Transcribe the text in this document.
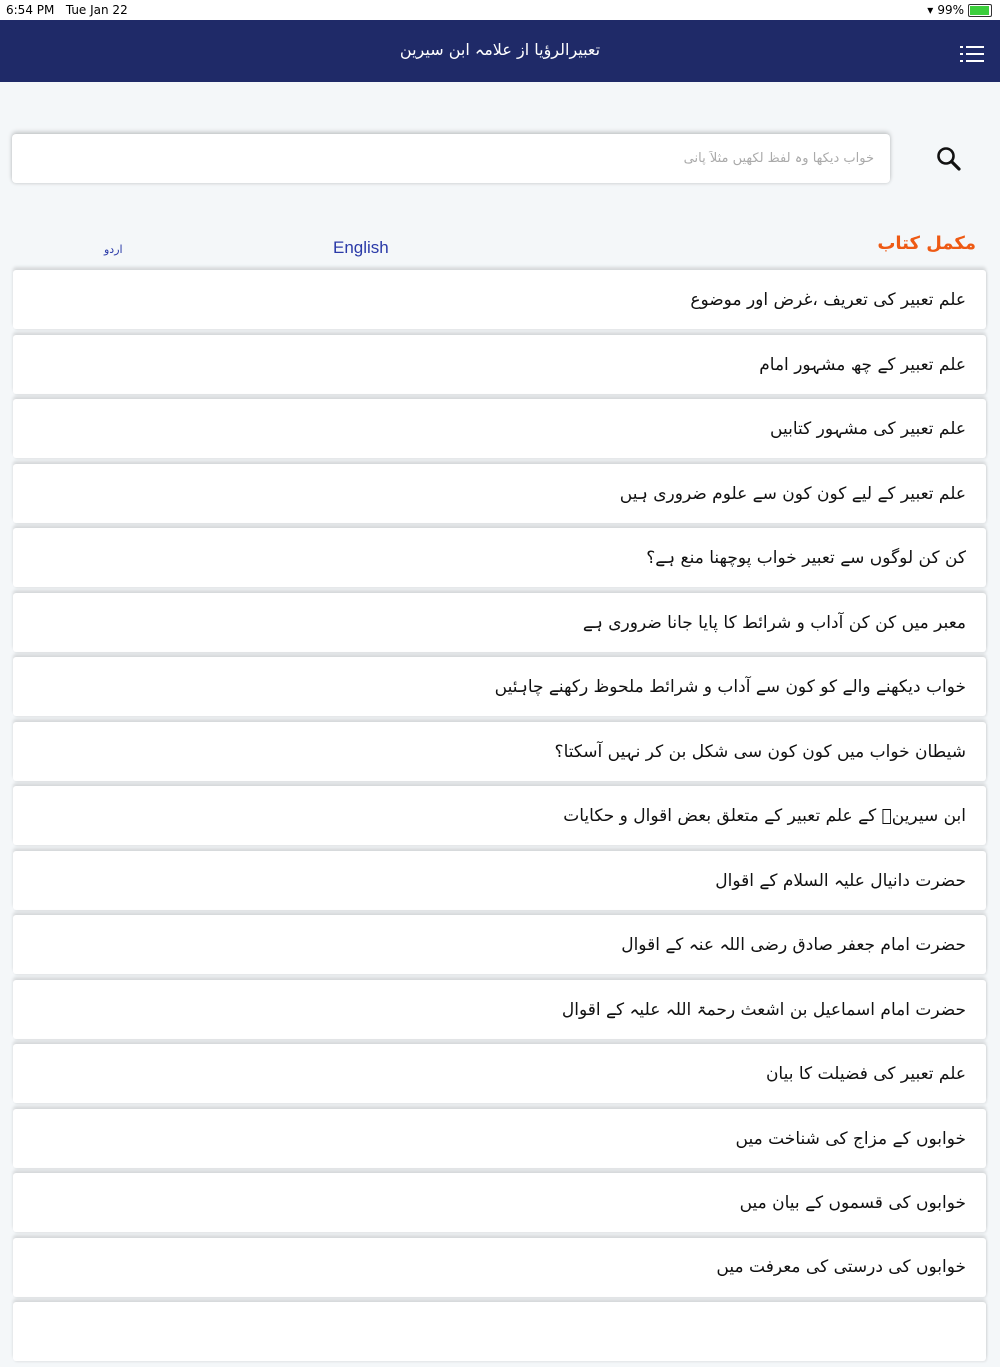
6:54 PM Tue Jan 22	▾ 99%
تعبیرالرؤیا از علامہ ابن سیرین
خواب دیکھا وہ لفظ لکھیں مثلاً پانی
اردو	English	مکمل کتاب
علم تعبیر کی تعریف ،غرض اور موضوع
علم تعبیر کے چھ مشہور امام
علم تعبیر کی مشہور کتابیں
علم تعبیر کے لیے کون کون سے علوم ضروری ہیں
کن کن لوگوں سے تعبیر خواب پوچھنا منع ہے؟
معبر میں کن کن آداب و شرائط کا پایا جانا ضروری ہے
خواب دیکھنے والے کو کون سے آداب و شرائط ملحوظ رکھنے چاہئیں
شیطان خواب میں کون کون سی شکل بن کر نہیں آسکتا؟
ابن سیرینؒ کے علم تعبیر کے متعلق بعض اقوال و حکایات
حضرت دانیال علیہ السلام کے اقوال
حضرت امام جعفر صادق رضی اللہ عنہ کے اقوال
حضرت امام اسماعیل بن اشعث رحمۃ اللہ علیہ کے اقوال
علم تعبیر کی فضیلت کا بیان
خوابوں کے مزاج کی شناخت میں
خوابوں کی قسموں کے بیان میں
خوابوں کی درستی کی معرفت میں
